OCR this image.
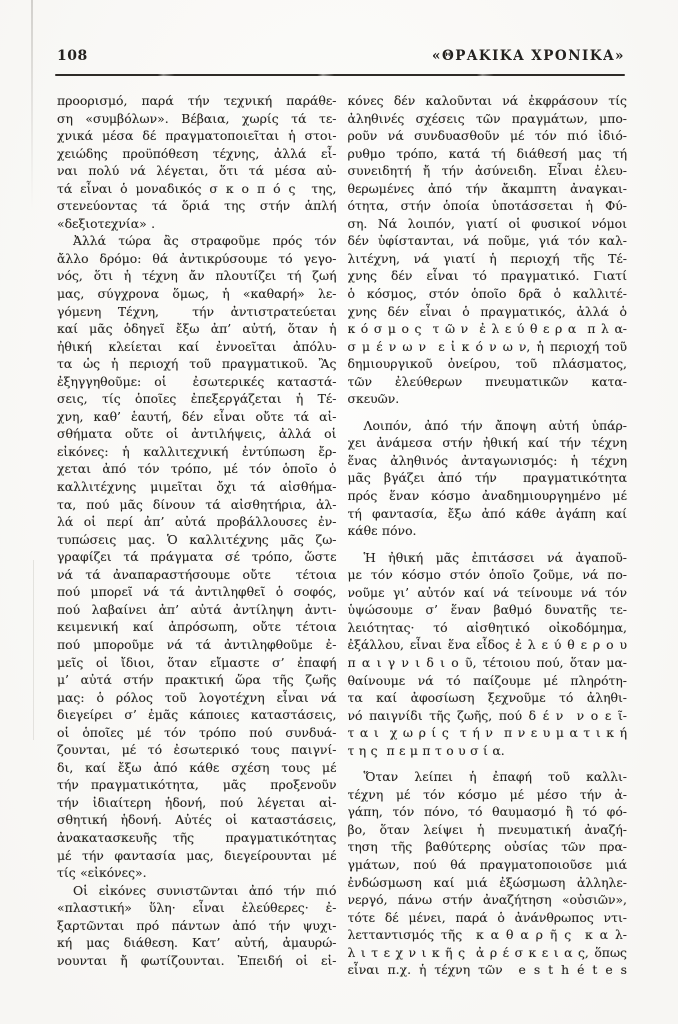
108	«ΘΡΑΚΙΚΑ ΧΡΟΝΙΚΑ»
προορισμό, παρά τήν τεχνική παράθε-
ση «συμβόλων». Βέβαια, χωρίς τά τε-
χνικά μέσα δέ πραγματοποιεῖται ἡ στοι-
χειώδης προϋπόθεση τέχνης, ἀλλά εἶ-
ναι πολύ νά λέγεται, ὅτι τά μέσα αὐ-
τά εἶναι ὁ μοναδικός σ κ ο π ό ς  της,
στενεύοντας τά ὅριά της στήν ἁπλή
«δεξιοτεχνία» .
Ἀλλά τώρα ἂς στραφοῦμε πρός τόν
ἄλλο δρόμο: θά ἀντικρύσουμε τό γεγο-
νός, ὅτι ἡ τέχνη ἄν πλουτίζει τή ζωή
μας, σύγχρονα ὅμως, ἡ «καθαρή» λε-
γόμενη Τέχνη,  τήν ἀντιστρατεύεται
καί μᾶς ὁδηγεῖ ἔξω ἀπ’ αὐτή, ὅταν ἡ
ἠθική κλείεται καί ἐννοεῖται ἀπόλυ-
τα ὡς ἡ περιοχή τοῦ πραγματικοῦ. Ἂς
ἐξηγγηθοῦμε: οἱ  ἐσωτερικές καταστά-
σεις, τίς ὁποῖες ἐπεξεργάζεται ἡ Τέ-
χνη, καθ’ ἑαυτή, δέν εἶναι οὔτε τά αἰ-
σθήματα οὔτε οἱ ἀντιλήψεις, ἀλλά οἱ
εἰκόνες: ἡ καλλιτεχνική ἐντύπωση ἔρ-
χεται ἀπό τόν τρόπο, μέ τόν ὁποῖο ὁ
καλλιτέχνης μιμεῖται ὄχι τά αἰσθήμα-
τα, πού μᾶς δίνουν τά αἰσθητήρια, ἀλ-
λά οἱ περί ἀπ’ αὐτά προβάλλουσες ἐν-
τυπώσεις μας. Ὁ καλλιτέχνης μᾶς ζω-
γραφίζει τά πράγματα σέ τρόπο, ὥστε
νά τά ἀναπαραστήσουμε οὔτε  τέτοια
πού μπορεῖ νά τά ἀντιληφθεῖ ὁ σοφός,
πού λαβαίνει ἀπ’ αὐτά ἀντίληψη ἀντι-
κειμενική καί ἀπρόσωπη, οὔτε τέτοια
πού μποροῦμε νά τά ἀντιληφθοῦμε ἐ-
μεῖς οἱ ἴδιοι, ὅταν εἴμαστε σ’ ἐπαφή
μ’ αὐτά στήν πρακτική ὥρα τῆς ζωῆς
μας: ὁ ρόλος τοῦ λογοτέχνη εἶναι νά
διεγείρει σ’ ἐμᾶς κάποιες καταστάσεις,
οἱ ὁποῖες μέ τόν τρόπο πού συνδυά-
ζουνται, μέ τό ἐσωτερικό τους παιγνί-
δι, καί ἔξω ἀπό κάθε σχέση τους μέ
τήν πραγματικότητα,  μᾶς  προξενοῦν
τήν ἰδιαίτερη ἡδονή, πού λέγεται αἰ-
σθητική ἡδονή. Αὐτές οἱ καταστάσεις,
ἀνακατασκευῆς τῆς  πραγματικότητας
μέ τήν φαντασία μας, διεγείρουνται μέ
τίς «εἰκόνες».
Οἱ εἰκόνες συνιστῶνται ἀπό τήν πιό
«πλαστική» ὕλη· εἶναι ἐλεύθερες· ἐ-
ξαρτῶνται πρό πάντων ἀπό τήν ψυχι-
κή μας διάθεση. Κατ’ αὐτή, ἀμαυρώ-
νουνται ἤ φωτίζουνται. Ἐπειδή οἱ εἰ-
κόνες δέν καλοῦνται νά ἐκφράσουν τίς
ἀληθινές σχέσεις τῶν πραγμάτων, μπο-
ροῦν νά συνδυασθοῦν μέ τόν πιό ἰδιό-
ρυθμο τρόπο, κατά τή διάθεσή μας τή
συνειδητή ἤ τήν ἀσύνειδη. Εἶναι ἐλευ-
θερωμένες ἀπό τήν ἄκαμπτη ἀναγκαι-
ότητα, στήν ὁποία ὑποτάσσεται ἡ Φύ-
ση. Νά λοιπόν, γιατί οἱ φυσικοί νόμοι
δέν ὑφίστανται, νά ποῦμε, γιά τόν καλ-
λιτέχνη, νά γιατί ἡ περιοχή τῆς Τέ-
χνης δέν εἶναι τό πραγματικό. Γιατί
ὁ κόσμος, στόν ὁποῖο δρᾶ ὁ καλλιτέ-
χνης δέν εἶναι ὁ πραγματικός, ἀλλά ὁ
κ ό σ μ ο ς  τ ῶ ν  ἐ λ ε ύ θ ε ρ α  π λ α-
σ μ έ ν ω ν  ε ἰ κ ό ν ω ν, ἡ περιοχή τοῦ
δημιουργικοῦ ὀνείρου, τοῦ πλάσματος,
τῶν  ἐλεύθερων  πνευματικῶν  κατα-
σκευῶν.
Λοιπόν, ἀπό τήν ἄποψη αὐτή ὑπάρ-
χει ἀνάμεσα στήν ἠθική καί τήν τέχνη
ἕνας ἀληθινός ἀνταγωνισμός: ἡ τέχνη
μᾶς βγάζει ἀπό τήν  πραγματικότητα
πρός ἕναν κόσμο ἀναδημιουργημένο μέ
τή φαντασία, ἔξω ἀπό κάθε ἀγάπη καί
κάθε πόνο.
Ἡ ἠθική μᾶς ἐπιτάσσει νά ἀγαποῦ-
με τόν κόσμο στόν ὁποῖο ζοῦμε, νά πο-
νοῦμε γι’ αὐτόν καί νά τείνουμε νά τόν
ὑψώσουμε σ’ ἕναν βαθμό δυνατῆς τε-
λειότητας· τό αἰσθητικό οἰκοδόμημα,
ἐξάλλου, εἶναι ἕνα εἶδος ἐ λ ε ύ θ ε ρ ο υ
π α ι γ ν ι δ ι ο ῦ, τέτοιου πού, ὅταν μα-
θαίνουμε νά τό παίζουμε μέ πληρότη-
τα καί ἀφοσίωση ξεχνοῦμε τό ἀληθι-
νό παιγνίδι τῆς ζωῆς, πού δ έ ν  ν ο ε ῖ-
τ α ι  χ ω ρ ί ς  τ ή ν  π ν ε υ μ α τ ι κ ή
τ η ς  π ε μ π τ ο υ σ ί α.
Ὅταν λείπει ἡ ἐπαφή τοῦ καλλι-
τέχνη μέ τόν κόσμο μέ μέσο τήν ἀ-
γάπη, τόν πόνο, τό θαυμασμό ἢ τό φό-
βο, ὅταν λείψει ἡ πνευματική ἀναζή-
τηση τῆς βαθύτερης οὐσίας τῶν πρα-
γμάτων, πού θά πραγματοποιοῦσε μιά
ἐνδώσμωση καί μιά ἐξώσμωση ἀλληλε-
νεργό, πάνω στήν ἀναζήτηση «οὐσιῶν»,
τότε δέ μένει, παρά ὁ ἀνάνθρωπος ντι-
λετταντισμός τῆς  κ α θ α ρ ῆ ς  κ α λ-
λ ι τ ε χ ν ι κ ῆ ς  ἀ ρ έ σ κ ε ι α ς, ὅπως
εἶναι π.χ. ἡ τέχνη τῶν  e s t h é t e s
